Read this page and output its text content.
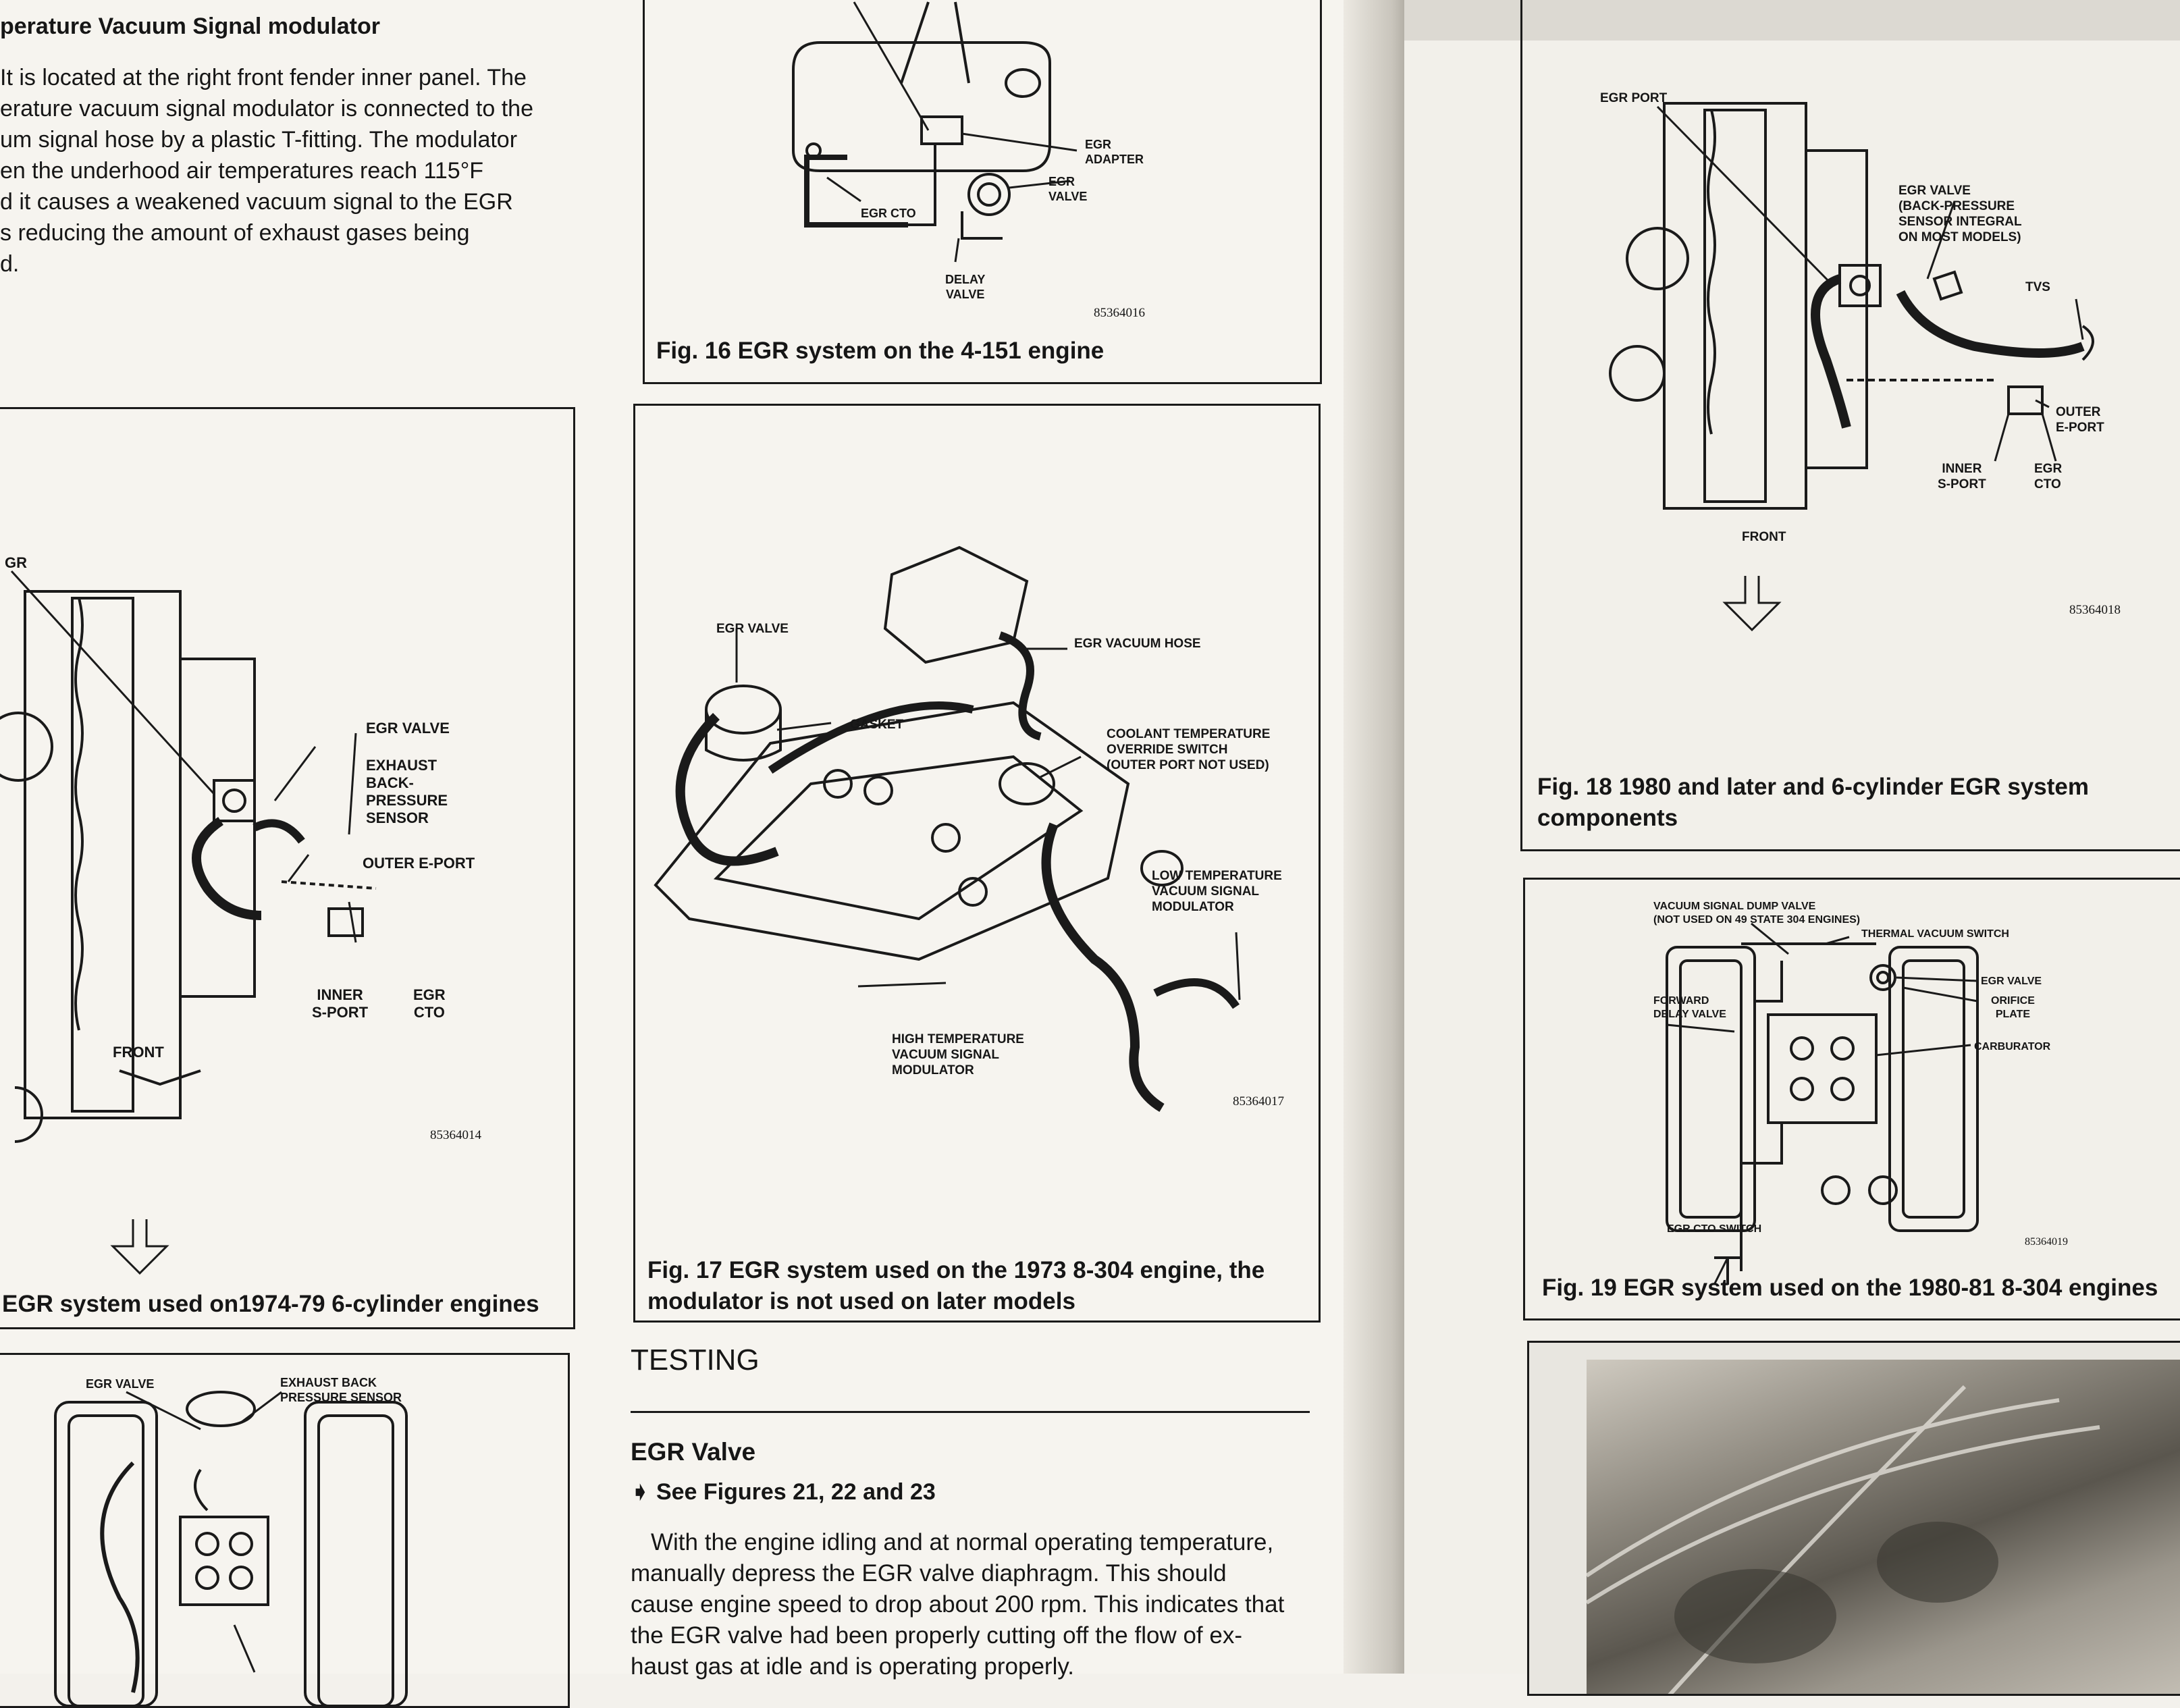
perature Vacuum Signal modulator
It is located at the right front fender inner panel. The
erature vacuum signal modulator is connected to the
um signal hose by a plastic T-fitting. The modulator
en the underhood air temperatures reach 115°F
d it causes a weakened vacuum signal to the EGR
s reducing the amount of exhaust gases being
d.
GR
EGR VALVE
EXHAUST
BACK-
PRESSURE
SENSOR
OUTER E-PORT
INNER
S-PORT
EGR
CTO
FRONT
85364014
EGR system used on1974-79 6-cylinder engines
EGR VALVE	EXHAUST BACK
PRESSURE SENSOR
EGR
ADAPTER
EGR
VALVE
EGR CTO
DELAY
VALVE
85364016
Fig. 16 EGR system on the 4-151 engine
EGR VALVE
EGR VACUUM HOSE
GASKET
COOLANT TEMPERATURE
OVERRIDE SWITCH
(OUTER PORT NOT USED)
LOW TEMPERATURE
VACUUM SIGNAL
MODULATOR
HIGH TEMPERATURE
VACUUM SIGNAL
MODULATOR
85364017
Fig. 17 EGR system used on the 1973 8-304 engine, the
modulator is not used on later models
TESTING
EGR Valve
➧ See Figures 21, 22 and 23
With the engine idling and at normal operating temperature,
manually depress the EGR valve diaphragm. This should
cause engine speed to drop about 200 rpm. This indicates that
the EGR valve had been properly cutting off the flow of ex-
haust gas at idle and is operating properly.
EGR PORT
EGR VALVE
(BACK-PRESSURE
SENSOR INTEGRAL
ON MOST MODELS)
TVS
OUTER
E-PORT
INNER
S-PORT
EGR
CTO
FRONT
85364018
Fig. 18 1980 and later and 6-cylinder EGR system
components
VACUUM SIGNAL DUMP VALVE
(NOT USED ON 49 STATE 304 ENGINES)
THERMAL VACUUM SWITCH
EGR VALVE
ORIFICE
PLATE
FORWARD
DELAY VALVE
CARBURATOR
EGR CTO SWITCH
85364019
Fig. 19 EGR system used on the 1980-81 8-304 engines
